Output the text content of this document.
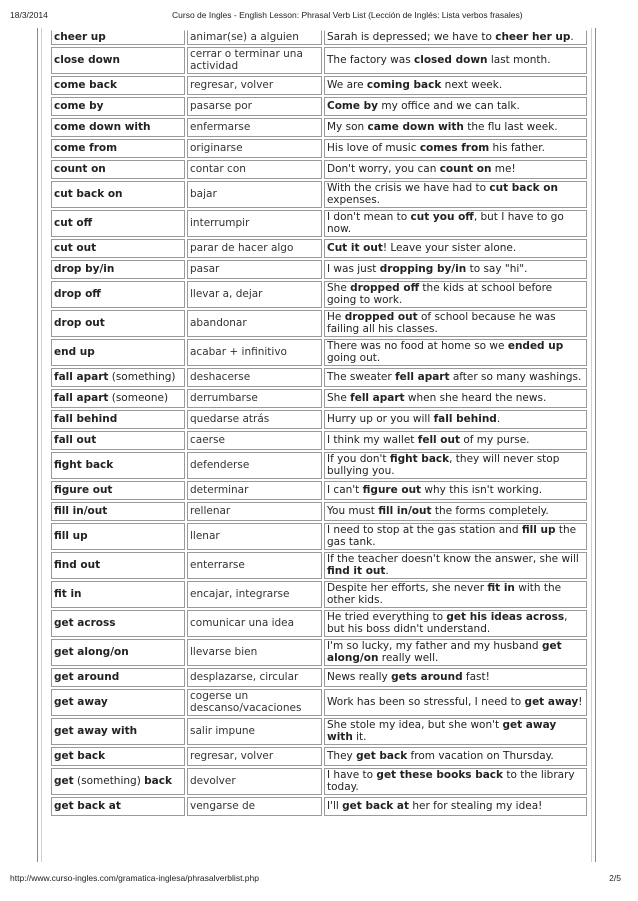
18/3/2014	Curso de Ingles - English Lesson: Phrasal Verb List (Lección de Inglés: Lista verbos frasales)
cheer up	animar(se) a alguien	Sarah is depressed; we have to cheer her up.
close down	cerrar o terminar una actividad	The factory was closed down last month.
come back	regresar, volver	We are coming back next week.
come by	pasarse por	Come by my office and we can talk.
come down with	enfermarse	My son came down with the flu last week.
come from	originarse	His love of music comes from his father.
count on	contar con	Don't worry, you can count on me!
cut back on	bajar	With the crisis we have had to cut back on expenses.
cut off	interrumpir	I don't mean to cut you off, but I have to go now.
cut out	parar de hacer algo	Cut it out! Leave your sister alone.
drop by/in	pasar	I was just dropping by/in to say "hi".
drop off	llevar a, dejar	She dropped off the kids at school before going to work.
drop out	abandonar	He dropped out of school because he was failing all his classes.
end up	acabar + infinitivo	There was no food at home so we ended up going out.
fall apart (something)	deshacerse	The sweater fell apart after so many washings.
fall apart (someone)	derrumbarse	She fell apart when she heard the news.
fall behind	quedarse atrás	Hurry up or you will fall behind.
fall out	caerse	I think my wallet fell out of my purse.
fight back	defenderse	If you don't fight back, they will never stop bullying you.
figure out	determinar	I can't figure out why this isn't working.
fill in/out	rellenar	You must fill in/out the forms completely.
fill up	llenar	I need to stop at the gas station and fill up the gas tank.
find out	enterrarse	If the teacher doesn't know the answer, she will find it out.
fit in	encajar, integrarse	Despite her efforts, she never fit in with the other kids.
get across	comunicar una idea	He tried everything to get his ideas across, but his boss didn't understand.
get along/on	llevarse bien	I'm so lucky, my father and my husband get along/on really well.
get around	desplazarse, circular	News really gets around fast!
get away	cogerse un descanso/vacaciones	Work has been so stressful, I need to get away!
get away with	salir impune	She stole my idea, but she won't get away with it.
get back	regresar, volver	They get back from vacation on Thursday.
get (something) back	devolver	I have to get these books back to the library today.
get back at	vengarse de	I'll get back at her for stealing my idea!
http://www.curso-ingles.com/gramatica-inglesa/phrasalverblist.php	2/5
